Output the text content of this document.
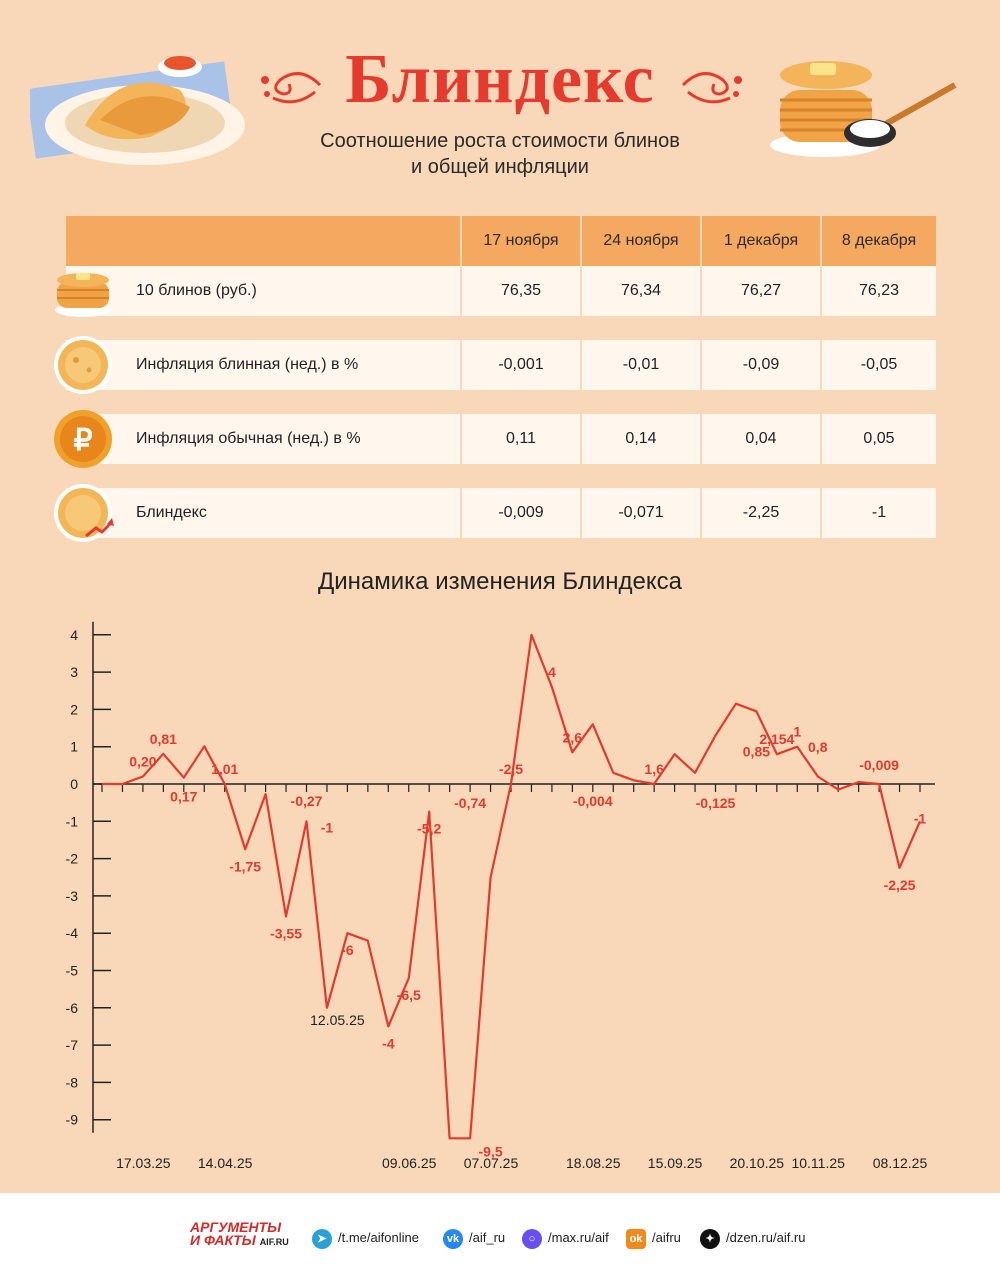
Блиндекс
Соотношение роста стоимости блинов
и общей инфляции
17 ноября	24 ноября	1 декабря	8 декабря
10 блинов (руб.)	76,35	76,34	76,27	76,23
Инфляция блинная (нед.) в %	-0,001	-0,01	-0,09	-0,05
₽	Инфляция обычная (нед.) в %	0,11	0,14	0,04	0,05
Блиндекс	-0,009	-0,071	-2,25	-1
Динамика изменения Блиндекса
4
3
2
1
0
-1
-2
-3
-4
-5
-6
-7
-8
-9
17.03.25 14.04.25	09.06.25 07.07.25	18.08.25 15.09.25 20.10.25 10.11.25 08.12.25
12.05.25
0,20
0,81
0,17
1,01
-1,75
-3,55
-0,27
-1
-6
-4
-6,5
-5,2
-0,74
-9,5
-2,5
4
2,6
-0,004
1,6
-0,125
0,85
2,154 1
0,8
-0,009
-2,25
-1
АРГУМЕНТЫ
И ФАКТЫ AIF.RU	➤ /t.me/aifonline	vk /aif_ru	○ /max.ru/aif	ok /aifru	✦ /dzen.ru/aif.ru
